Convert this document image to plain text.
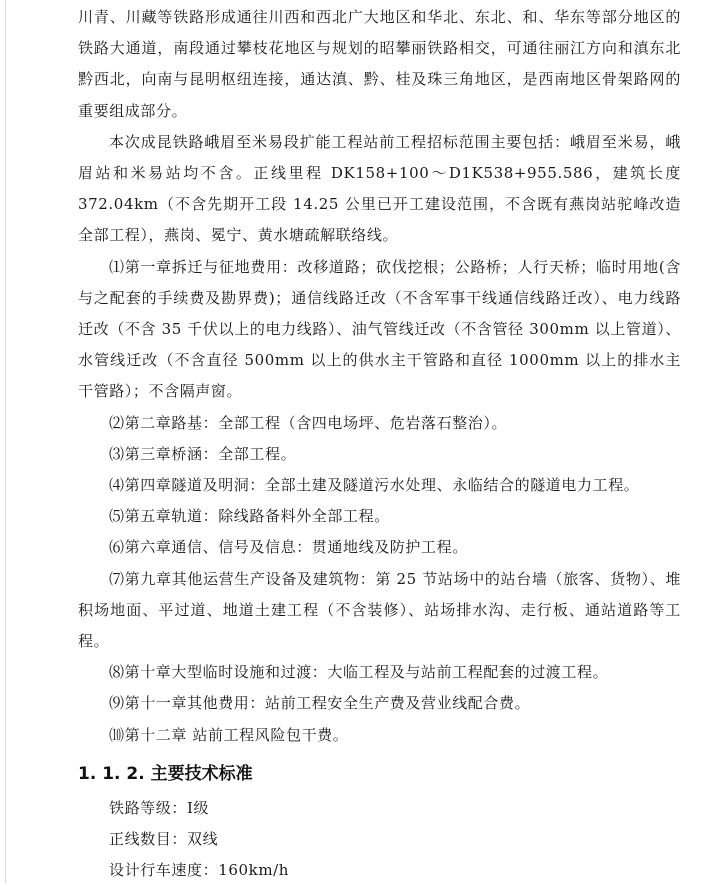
川青、川藏等铁路形成通往川西和西北广大地区和华北、东北、和、华东等部分地区的铁路大通道，南段通过攀枝花地区与规划的昭攀丽铁路相交，可通往丽江方向和滇东北黔西北，向南与昆明枢纽连接，通达滇、黔、桂及珠三角地区，是西南地区骨架路网的重要组成部分。

本次成昆铁路峨眉至米易段扩能工程站前工程招标范围主要包括：峨眉至米易，峨眉站和米易站均不含。正线里程 DK158+100～D1K538+955.586，建筑长度 372.04km（不含先期开工段 14.25 公里已开工建设范围，不含既有燕岗站驼峰改造全部工程），燕岗、冕宁、黄水塘疏解联络线。

⑴第一章拆迁与征地费用：改移道路；砍伐挖根；公路桥；人行天桥；临时用地(含与之配套的手续费及勘界费)；通信线路迁改（不含军事干线通信线路迁改）、电力线路迁改（不含 35 千伏以上的电力线路）、油气管线迁改（不含管径 300mm 以上管道）、水管线迁改（不含直径 500mm 以上的供水主干管路和直径 1000mm 以上的排水主干管路）；不含隔声窗。

⑵第二章路基：全部工程（含四电场坪、危岩落石整治）。

⑶第三章桥涵：全部工程。

⑷第四章隧道及明洞：全部土建及隧道污水处理、永临结合的隧道电力工程。

⑸第五章轨道：除线路备料外全部工程。

⑹第六章通信、信号及信息：贯通地线及防护工程。

⑺第九章其他运营生产设备及建筑物：第 25 节站场中的站台墙（旅客、货物）、堆积场地面、平过道、地道土建工程（不含装修）、站场排水沟、走行板、通站道路等工程。

⑻第十章大型临时设施和过渡：大临工程及与站前工程配套的过渡工程。

⑼第十一章其他费用：站前工程安全生产费及营业线配合费。

⑽第十二章 站前工程风险包干费。

1. 1. 2. 主要技术标准

铁路等级：Ⅰ级

正线数目：双线

设计行车速度：160km/h
